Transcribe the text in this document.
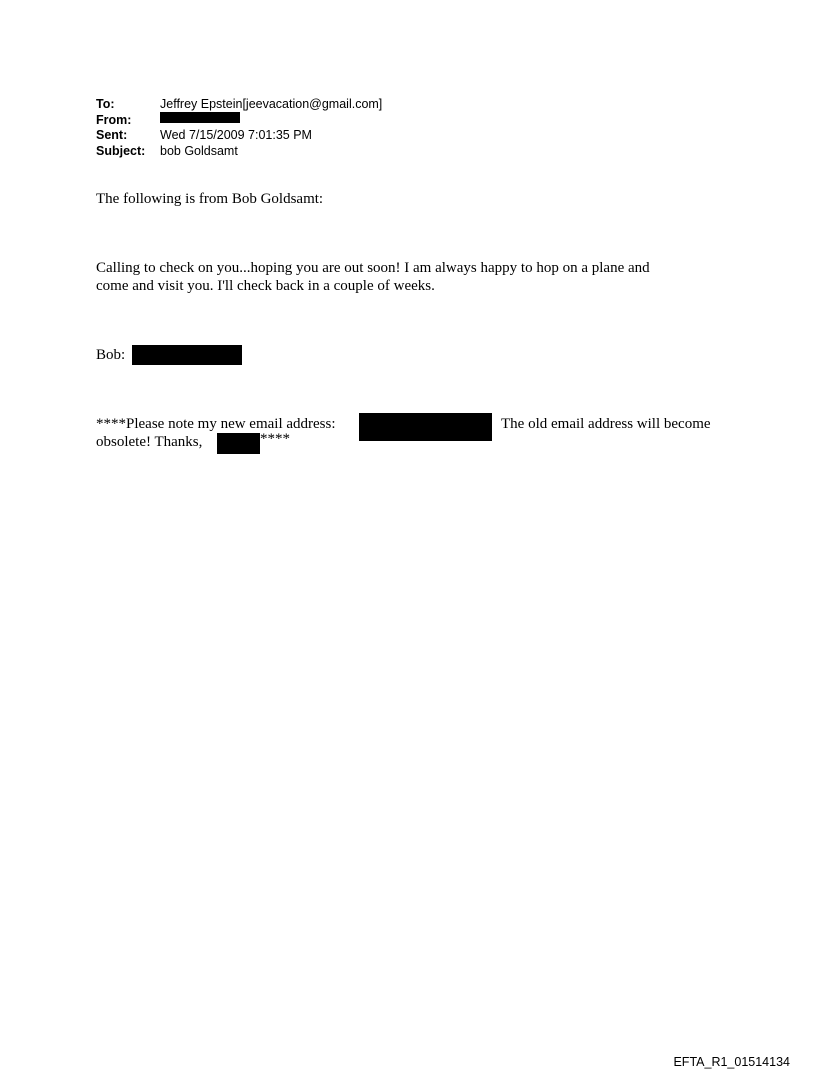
To:	Jeffrey Epstein[jeevacation@gmail.com]
From:
Sent:	Wed 7/15/2009 7:01:35 PM
Subject:	bob Goldsamt
The following is from Bob Goldsamt:
Calling to check on you...hoping you are out soon! I am always happy to hop on a plane and
come and visit you. I'll check back in a couple of weeks.
Bob:
****Please note my new email address:	The old email address will become
obsolete! Thanks,	****
EFTA_R1_01514134
